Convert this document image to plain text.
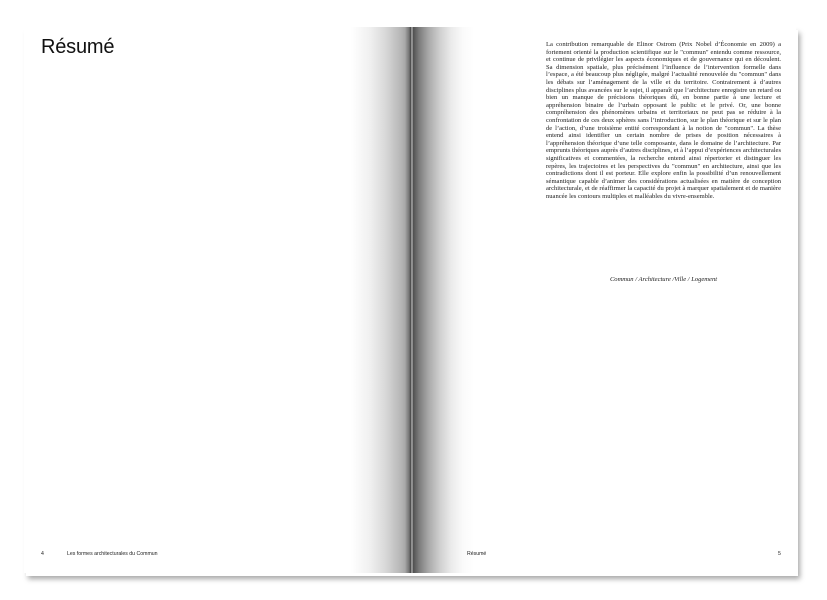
Résumé
4	Les formes architecturales du Commun

La contribution remarquable de Elinor Ostrom (Prix Nobel d’Économie en 2009) a fortement orienté la production scientifique sur le "commun" entendu comme ressource, et continue de privilégier les aspects économiques et de gouvernance qui en découlent. Sa dimension spatiale, plus précisément l’influence de l’intervention formelle dans l’espace, a été beaucoup plus négligée, malgré l’actualité renouvelée du "commun" dans les débats sur l’aménagement de la ville et du territoire. Contrairement à d’autres disciplines plus avancées sur le sujet, il apparaît que l’architecture enregistre un retard ou bien un manque de précisions théoriques dû, en bonne partie à une lecture et appréhension binaire de l’urbain opposant le public et le privé. Or, une bonne compréhension des phénomènes urbains et territoriaux ne peut pas se réduire à la confrontation de ces deux sphères sans l’introduction, sur le plan théorique et sur le plan de l’action, d’une troisième entité correspondant à la notion de "commun". La thèse entend ainsi identifier un certain nombre de prises de position nécessaires à l’appréhension théorique d’une telle composante, dans le domaine de l’architecture. Par emprunts théoriques auprès d’autres disciplines, et à l’appui d’expériences architecturales significatives et commentées, la recherche entend ainsi répertorier et distinguer les repères, les trajectoires et les perspectives du "commun" en architecture, ainsi que les contradictions dont il est porteur. Elle explore enfin la possibilité d’un renouvellement sémantique capable d’animer des considérations actualisées en matière de conception architecturale, et de réaffirmer la capacité du projet à marquer spatialement et de manière nuancée les contours multiples et malléables du vivre-ensemble.

Commun / Architecture /Ville / Logement

Résumé	5
